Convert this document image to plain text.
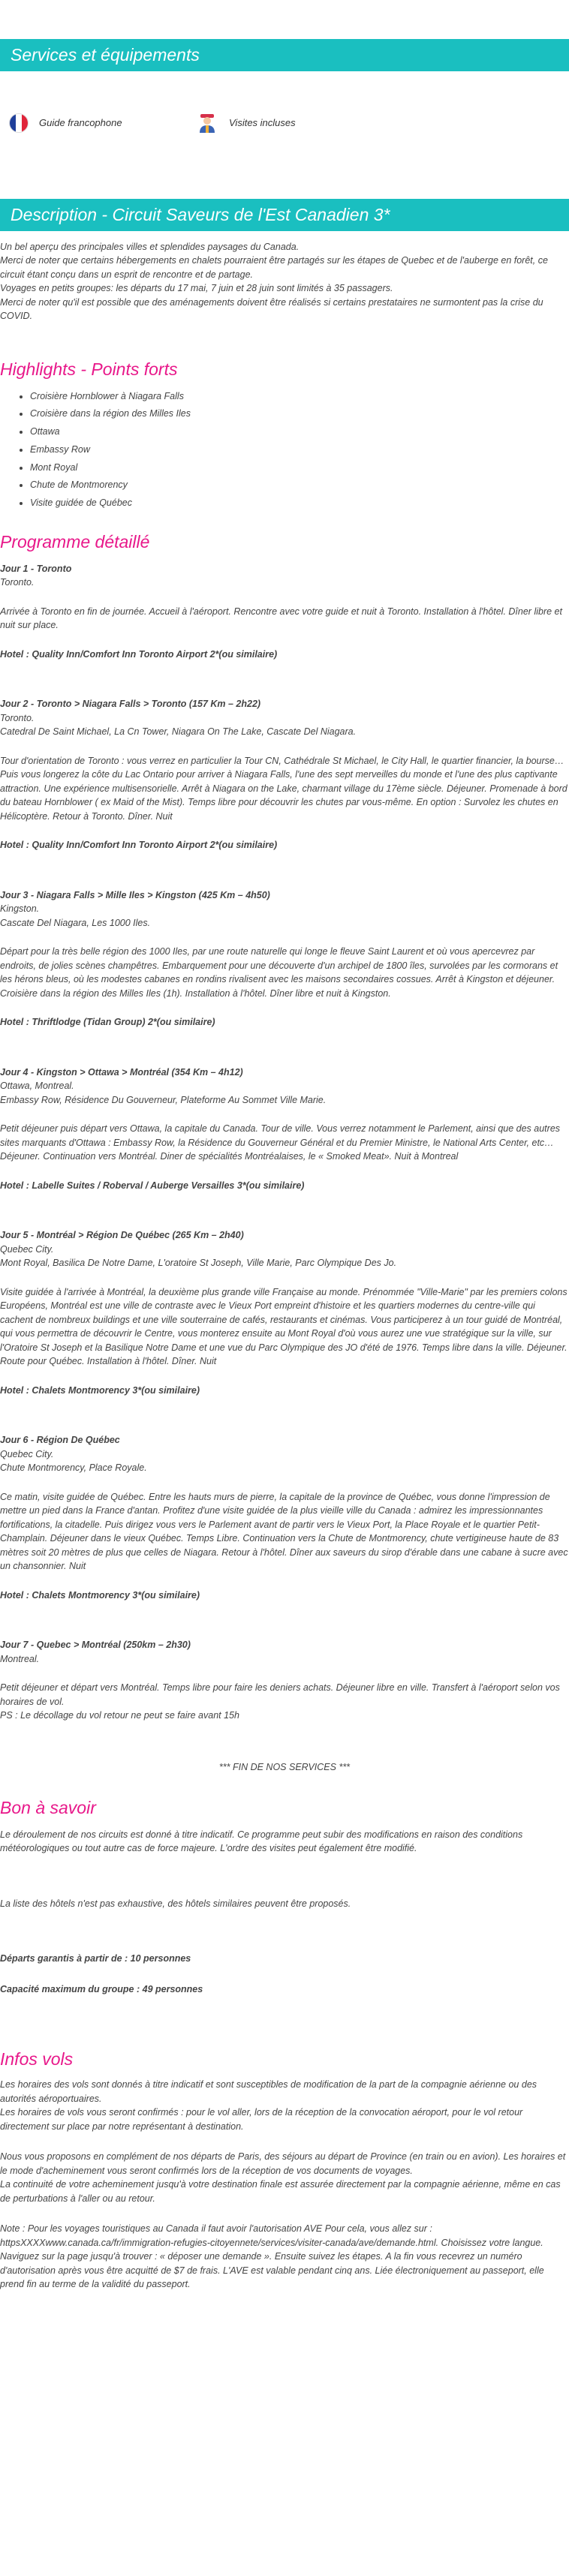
Services et équipements
Guide francophone	Visites incluses
Description - Circuit Saveurs de l'Est Canadien 3*

Un bel aperçu des principales villes et splendides paysages du Canada.

Merci de noter que certains hébergements en chalets pourraient être partagés sur les étapes de Quebec et de l'auberge en forêt, ce circuit étant conçu dans un esprit de rencontre et de partage.

Voyages en petits groupes: les départs du 17 mai, 7 juin et 28 juin sont limités à 35 passagers.

Merci de noter qu'il est possible que des aménagements doivent être réalisés si certains prestataires ne surmontent pas la crise du COVID.

Highlights - Points forts
• Croisière Hornblower à Niagara Falls
• Croisière dans la région des Milles Iles
• Ottawa
• Embassy Row
• Mont Royal
• Chute de Montmorency
• Visite guidée de Québec
Programme détaillé
Jour 1 - Toronto
Toronto.
Arrivée à Toronto en fin de journée. Accueil à l'aéroport. Rencontre avec votre guide et nuit à Toronto. Installation à l'hôtel. Dîner libre et nuit sur place.
Hotel : Quality Inn/Comfort Inn Toronto Airport 2*(ou similaire)
Jour 2 - Toronto > Niagara Falls > Toronto (157 Km – 2h22)
Toronto.
Catedral De Saint Michael, La Cn Tower, Niagara On The Lake, Cascate Del Niagara.
Tour d'orientation de Toronto : vous verrez en particulier la Tour CN, Cathédrale St Michael, le City Hall, le quartier financier, la bourse… Puis vous longerez la côte du Lac Ontario pour arriver à Niagara Falls, l'une des sept merveilles du monde et l'une des plus captivante attraction. Une expérience multisensorielle. Arrêt à Niagara on the Lake, charmant village du 17ème siècle. Déjeuner. Promenade à bord du bateau Hornblower ( ex Maid of the Mist). Temps libre pour découvrir les chutes par vous-même. En option : Survolez les chutes en Hélicoptère. Retour à Toronto. Dîner. Nuit
Hotel : Quality Inn/Comfort Inn Toronto Airport 2*(ou similaire)
Jour 3 - Niagara Falls > Mille Iles > Kingston (425 Km – 4h50)
Kingston.
Cascate Del Niagara, Les 1000 Iles.
Départ pour la très belle région des 1000 Iles, par une route naturelle qui longe le fleuve Saint Laurent et où vous apercevrez par endroits, de jolies scènes champêtres. Embarquement pour une découverte d'un archipel de 1800 îles, survolées par les cormorans et les hérons bleus, où les modestes cabanes en rondins rivalisent avec les maisons secondaires cossues. Arrêt à Kingston et déjeuner. Croisière dans la région des Milles Iles (1h). Installation à l'hôtel. Dîner libre et nuit à Kingston.
Hotel : Thriftlodge (Tidan Group) 2*(ou similaire)
Jour 4 - Kingston > Ottawa > Montréal (354 Km – 4h12)
Ottawa, Montreal.
Embassy Row, Résidence Du Gouverneur, Plateforme Au Sommet Ville Marie.
Petit déjeuner puis départ vers Ottawa, la capitale du Canada. Tour de ville. Vous verrez notamment le Parlement, ainsi que des autres sites marquants d'Ottawa : Embassy Row, la Résidence du Gouverneur Général et du Premier Ministre, le National Arts Center, etc…Déjeuner. Continuation vers Montréal. Diner de spécialités Montréalaises, le « Smoked Meat». Nuit à Montreal
Hotel : Labelle Suites / Roberval / Auberge Versailles 3*(ou similaire)
Jour 5 - Montréal > Région De Québec (265 Km – 2h40)
Quebec City.
Mont Royal, Basilica De Notre Dame, L'oratoire St Joseph, Ville Marie, Parc Olympique Des Jo.
Visite guidée à l'arrivée à Montréal, la deuxième plus grande ville Française au monde. Prénommée "Ville-Marie" par les premiers colons Européens, Montréal est une ville de contraste avec le Vieux Port empreint d'histoire et les quartiers modernes du centre-ville qui cachent de nombreux buildings et une ville souterraine de cafés, restaurants et cinémas. Vous participerez à un tour guidé de Montréal, qui vous permettra de découvrir le Centre, vous monterez ensuite au Mont Royal d'où vous aurez une vue stratégique sur la ville, sur l'Oratoire St Joseph et la Basilique Notre Dame et une vue du Parc Olympique des JO d'été de 1976. Temps libre dans la ville. Déjeuner. Route pour Québec. Installation à l'hôtel. Dîner. Nuit
Hotel : Chalets Montmorency 3*(ou similaire)
Jour 6 - Région De Québec
Quebec City.
Chute Montmorency, Place Royale.
Ce matin, visite guidée de Québec. Entre les hauts murs de pierre, la capitale de la province de Québec, vous donne l'impression de mettre un pied dans la France d'antan. Profitez d'une visite guidée de la plus vieille ville du Canada : admirez les impressionnantes fortifications, la citadelle. Puis dirigez vous vers le Parlement avant de partir vers le Vieux Port, la Place Royale et le quartier Petit-Champlain. Déjeuner dans le vieux Québec. Temps Libre. Continuation vers la Chute de Montmorency, chute vertigineuse haute de 83 mètres soit 20 mètres de plus que celles de Niagara. Retour à l'hôtel. Dîner aux saveurs du sirop d'érable dans une cabane à sucre avec un chansonnier. Nuit
Hotel : Chalets Montmorency 3*(ou similaire)
Jour 7 - Quebec > Montréal (250km – 2h30)
Montreal.
Petit déjeuner et départ vers Montréal. Temps libre pour faire les deniers achats. Déjeuner libre en ville. Transfert à l'aéroport selon vos horaires de vol.
PS : Le décollage du vol retour ne peut se faire avant 15h
*** FIN DE NOS SERVICES ***
Bon à savoir
Le déroulement de nos circuits est donné à titre indicatif. Ce programme peut subir des modifications en raison des conditions météorologiques ou tout autre cas de force majeure. L'ordre des visites peut également être modifié.
La liste des hôtels n'est pas exhaustive, des hôtels similaires peuvent être proposés.
Départs garantis à partir de : 10 personnes
Capacité maximum du groupe : 49 personnes
Infos vols
Les horaires des vols sont donnés à titre indicatif et sont susceptibles de modification de la part de la compagnie aérienne ou des autorités aéroportuaires.
Les horaires de vols vous seront confirmés : pour le vol aller, lors de la réception de la convocation aéroport, pour le vol retour directement sur place par notre représentant à destination.
Nous vous proposons en complément de nos départs de Paris, des séjours au départ de Province (en train ou en avion). Les horaires et le mode d'acheminement vous seront confirmés lors de la réception de vos documents de voyages.
La continuité de votre acheminement jusqu'à votre destination finale est assurée directement par la compagnie aérienne, même en cas de perturbations à l'aller ou au retour.
Note : Pour les voyages touristiques au Canada il faut avoir l'autorisation AVE Pour cela, vous allez sur : httpsXXXXwww.canada.ca/fr/immigration-refugies-citoyennete/services/visiter-canada/ave/demande.html. Choisissez votre langue. Naviguez sur la page jusqu'à trouver : « déposer une demande ». Ensuite suivez les étapes. A la fin vous recevrez un numéro d'autorisation après vous être acquitté de $7 de frais. L'AVE est valable pendant cinq ans. Liée électroniquement au passeport, elle prend fin au terme de la validité du passeport.
